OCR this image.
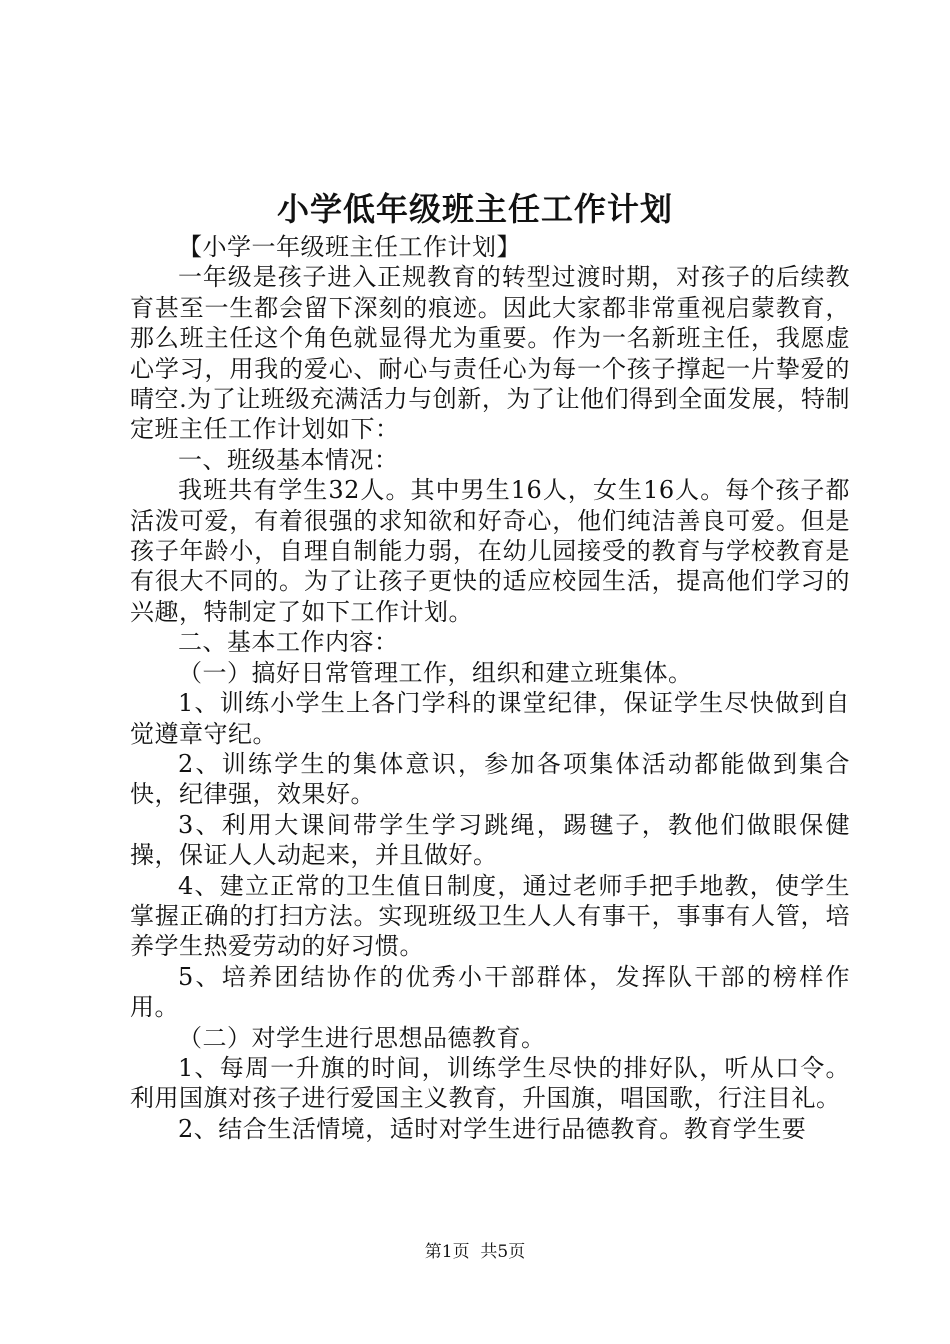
小学低年级班主任工作计划

【小学一年级班主任工作计划】

一年级是孩子进入正规教育的转型过渡时期，对孩子的后续教育甚至一生都会留下深刻的痕迹。因此大家都非常重视启蒙教育，那么班主任这个角色就显得尤为重要。作为一名新班主任，我愿虚心学习，用我的爱心、耐心与责任心为每一个孩子撑起一片挚爱的晴空.为了让班级充满活力与创新，为了让他们得到全面发展，特制定班主任工作计划如下：

一、班级基本情况：

我班共有学生32人。其中男生16人，女生16人。每个孩子都活泼可爱，有着很强的求知欲和好奇心，他们纯洁善良可爱。但是孩子年龄小，自理自制能力弱，在幼儿园接受的教育与学校教育是有很大不同的。为了让孩子更快的适应校园生活，提高他们学习的兴趣，特制定了如下工作计划。

二、基本工作内容：

（一）搞好日常管理工作，组织和建立班集体。

1、训练小学生上各门学科的课堂纪律，保证学生尽快做到自觉遵章守纪。

2、训练学生的集体意识，参加各项集体活动都能做到集合快，纪律强，效果好。

3、利用大课间带学生学习跳绳，踢毽子，教他们做眼保健操，保证人人动起来，并且做好。

4、建立正常的卫生值日制度，通过老师手把手地教，使学生掌握正确的打扫方法。实现班级卫生人人有事干，事事有人管，培养学生热爱劳动的好习惯。

5、培养团结协作的优秀小干部群体，发挥队干部的榜样作用。

（二）对学生进行思想品德教育。

1、每周一升旗的时间，训练学生尽快的排好队，听从口令。利用国旗对孩子进行爱国主义教育，升国旗，唱国歌，行注目礼。

2、结合生活情境，适时对学生进行品德教育。教育学生要

第1页 共5页
